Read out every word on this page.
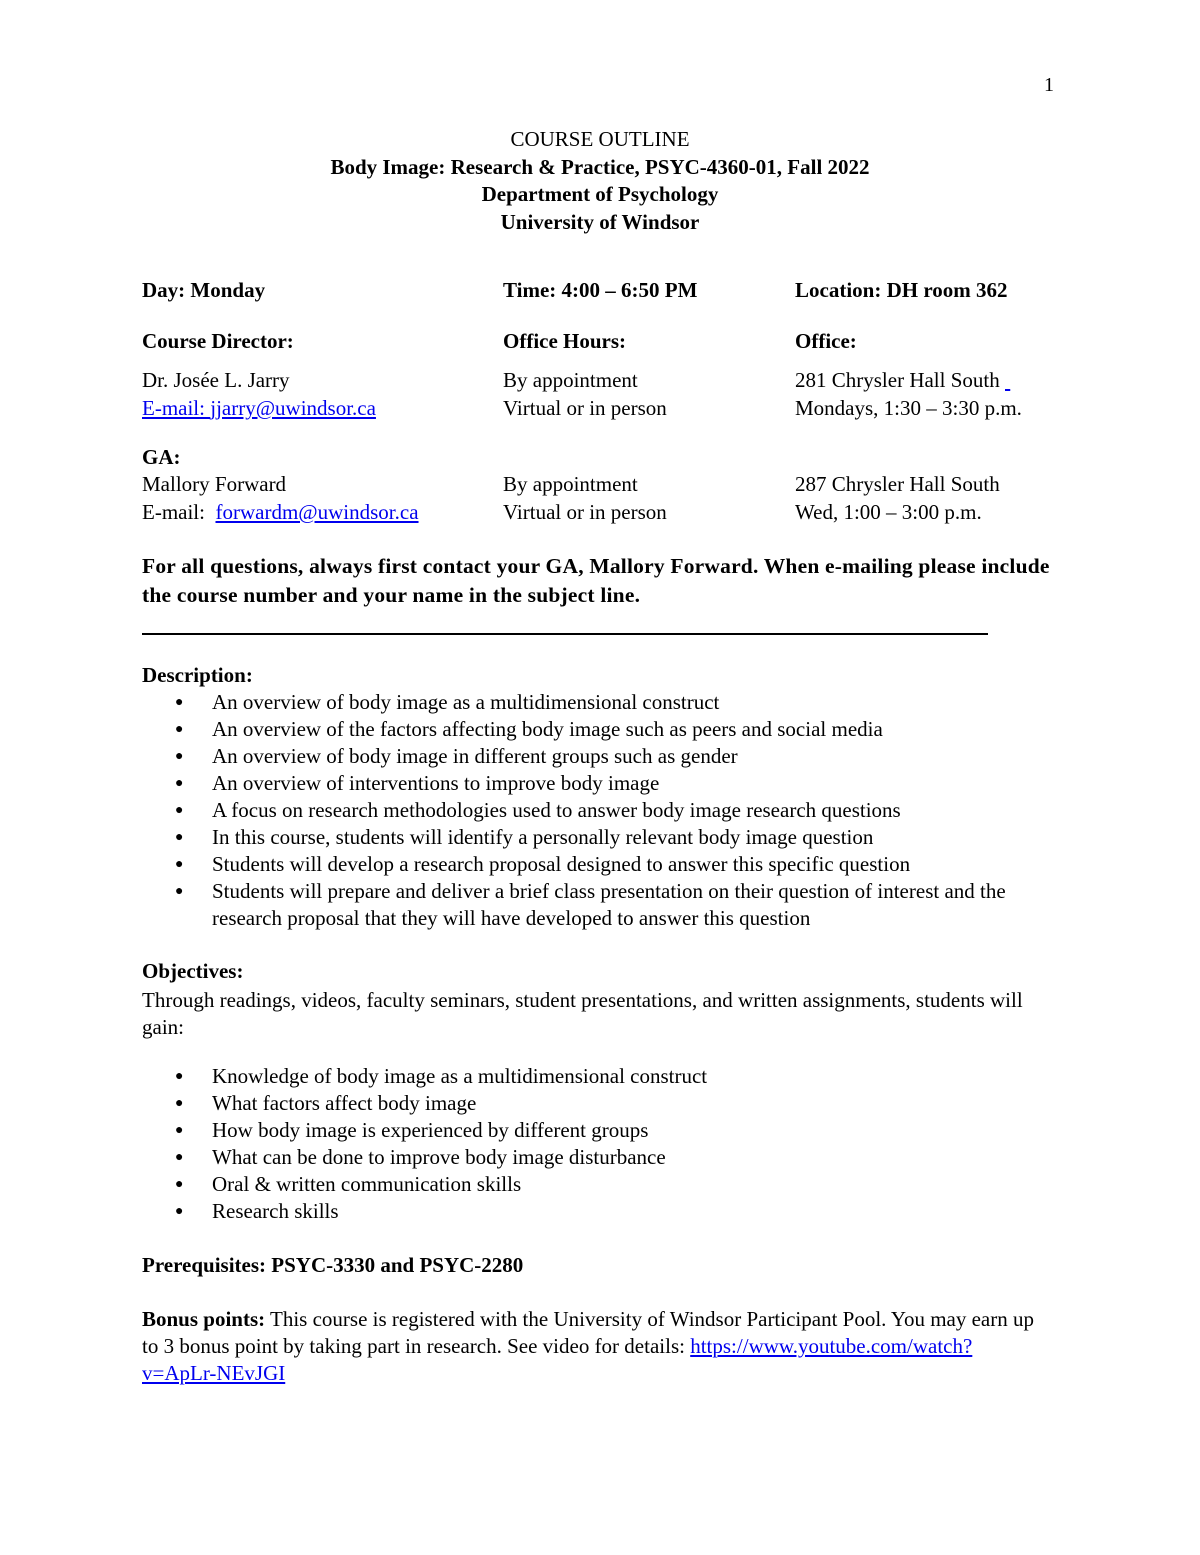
1
COURSE OUTLINE
Body Image: Research & Practice, PSYC-4360-01, Fall 2022
Department of Psychology
University of Windsor
Day: Monday	Time: 4:00 – 6:50 PM	Location: DH room 362
Course Director:	Office Hours:	Office:
Dr. Josée L. Jarry	By appointment	281 Chrysler Hall South
E-mail: jjarry@uwindsor.ca	Virtual or in person	Mondays, 1:30 – 3:30 p.m.
GA:
Mallory Forward	By appointment	287 Chrysler Hall South
E-mail:  forwardm@uwindsor.ca	Virtual or in person	Wed, 1:00 – 3:00 p.m.
For all questions, always first contact your GA, Mallory Forward. When e-mailing please include the course number and your name in the subject line.
Description:
● An overview of body image as a multidimensional construct
● An overview of the factors affecting body image such as peers and social media
● An overview of body image in different groups such as gender
● An overview of interventions to improve body image
● A focus on research methodologies used to answer body image research questions
● In this course, students will identify a personally relevant body image question
● Students will develop a research proposal designed to answer this specific question
● Students will prepare and deliver a brief class presentation on their question of interest and the research proposal that they will have developed to answer this question
Objectives:
Through readings, videos, faculty seminars, student presentations, and written assignments, students will gain:
● Knowledge of body image as a multidimensional construct
● What factors affect body image
● How body image is experienced by different groups
● What can be done to improve body image disturbance
● Oral & written communication skills
● Research skills
Prerequisites: PSYC-3330 and PSYC-2280
Bonus points: This course is registered with the University of Windsor Participant Pool. You may earn up to 3 bonus point by taking part in research. See video for details: https://www.youtube.com/watch?v=ApLr-NEvJGI
